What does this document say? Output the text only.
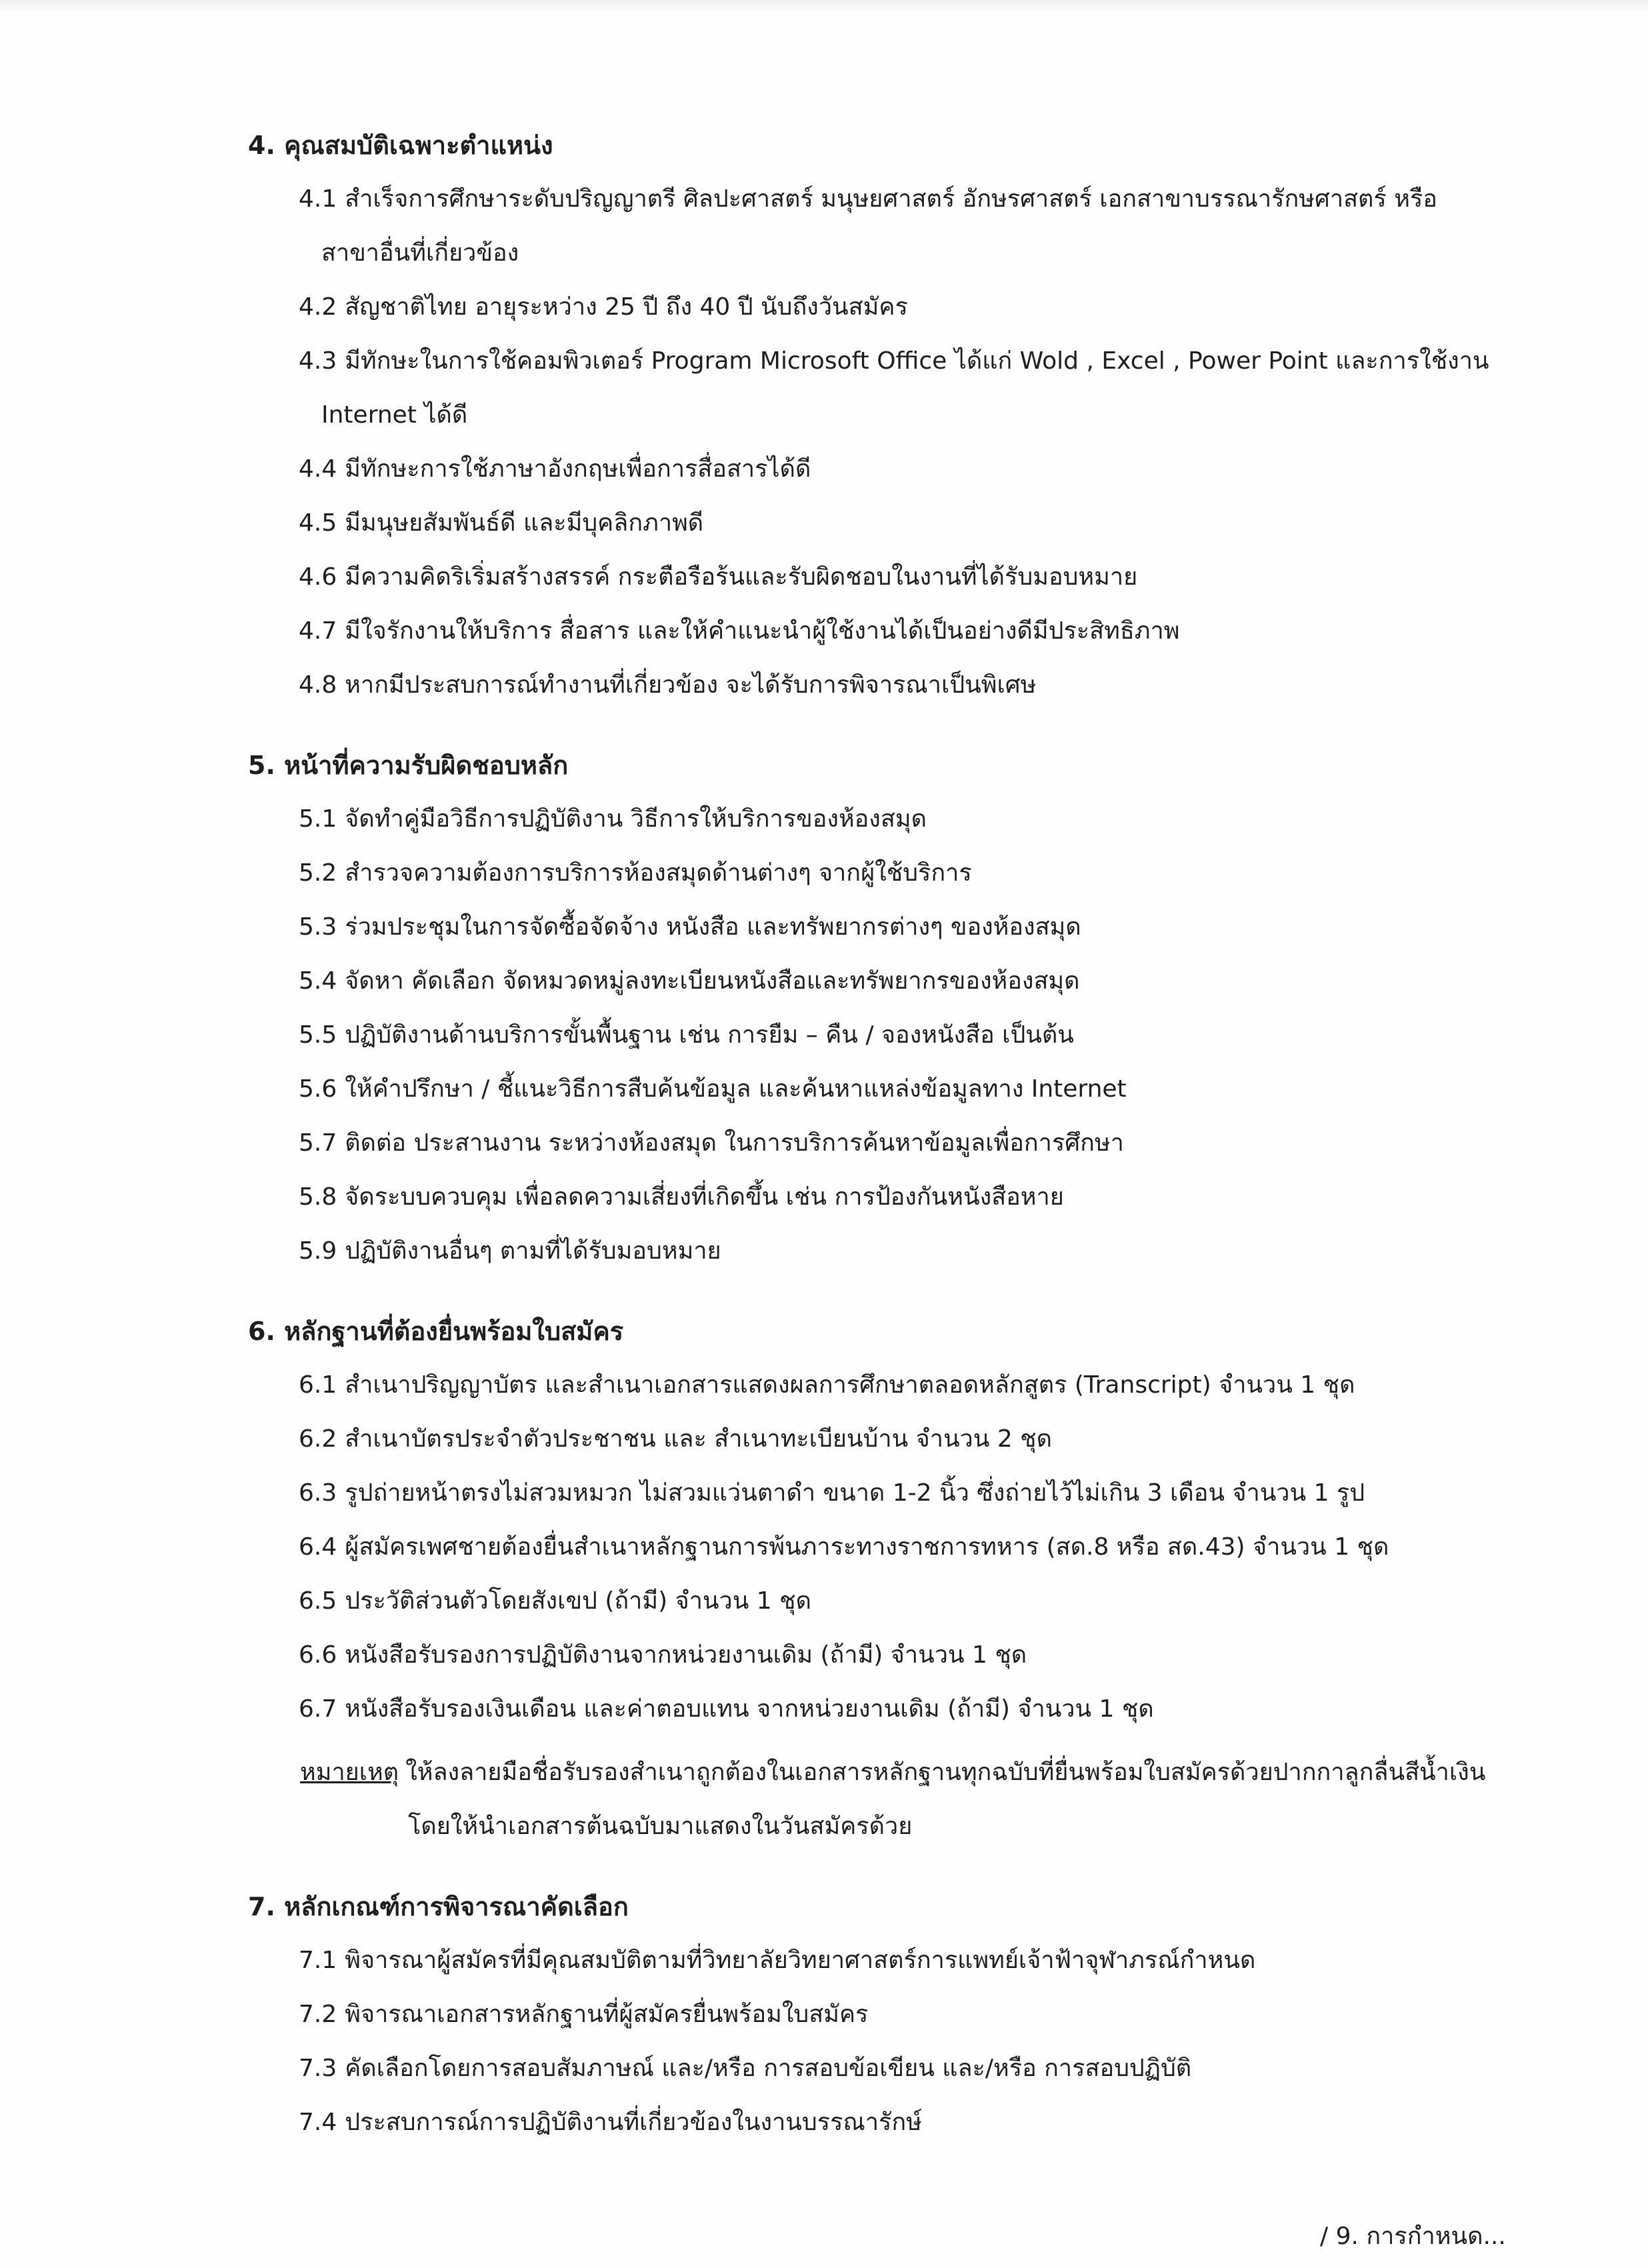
4. คุณสมบัติเฉพาะตำแหน่ง
4.1 สำเร็จการศึกษาระดับปริญญาตรี ศิลปะศาสตร์ มนุษยศาสตร์ อักษรศาสตร์ เอกสาขาบรรณารักษศาสตร์ หรือ
สาขาอื่นที่เกี่ยวข้อง
4.2 สัญชาติไทย อายุระหว่าง 25 ปี ถึง 40 ปี นับถึงวันสมัคร
4.3 มีทักษะในการใช้คอมพิวเตอร์ Program Microsoft Office ได้แก่ Wold , Excel , Power Point และการใช้งาน
Internet ได้ดี
4.4 มีทักษะการใช้ภาษาอังกฤษเพื่อการสื่อสารได้ดี
4.5 มีมนุษยสัมพันธ์ดี และมีบุคลิกภาพดี
4.6 มีความคิดริเริ่มสร้างสรรค์ กระตือรือร้นและรับผิดชอบในงานที่ได้รับมอบหมาย
4.7 มีใจรักงานให้บริการ สื่อสาร และให้คำแนะนำผู้ใช้งานได้เป็นอย่างดีมีประสิทธิภาพ
4.8 หากมีประสบการณ์ทำงานที่เกี่ยวข้อง จะได้รับการพิจารณาเป็นพิเศษ
5. หน้าที่ความรับผิดชอบหลัก
5.1 จัดทำคู่มือวิธีการปฏิบัติงาน วิธีการให้บริการของห้องสมุด
5.2 สำรวจความต้องการบริการห้องสมุดด้านต่างๆ จากผู้ใช้บริการ
5.3 ร่วมประชุมในการจัดซื้อจัดจ้าง หนังสือ และทรัพยากรต่างๆ ของห้องสมุด
5.4 จัดหา คัดเลือก จัดหมวดหมู่ลงทะเบียนหนังสือและทรัพยากรของห้องสมุด
5.5 ปฏิบัติงานด้านบริการขั้นพื้นฐาน เช่น การยืม – คืน / จองหนังสือ เป็นต้น
5.6 ให้คำปรึกษา / ชี้แนะวิธีการสืบค้นข้อมูล และค้นหาแหล่งข้อมูลทาง Internet
5.7 ติดต่อ ประสานงาน ระหว่างห้องสมุด ในการบริการค้นหาข้อมูลเพื่อการศึกษา
5.8 จัดระบบควบคุม เพื่อลดความเสี่ยงที่เกิดขึ้น เช่น การป้องกันหนังสือหาย
5.9 ปฏิบัติงานอื่นๆ ตามที่ได้รับมอบหมาย
6. หลักฐานที่ต้องยื่นพร้อมใบสมัคร
6.1 สำเนาปริญญาบัตร และสำเนาเอกสารแสดงผลการศึกษาตลอดหลักสูตร (Transcript) จำนวน 1 ชุด
6.2 สำเนาบัตรประจำตัวประชาชน และ สำเนาทะเบียนบ้าน จำนวน 2 ชุด
6.3 รูปถ่ายหน้าตรงไม่สวมหมวก ไม่สวมแว่นตาดำ ขนาด 1-2 นิ้ว ซึ่งถ่ายไว้ไม่เกิน 3 เดือน จำนวน 1 รูป
6.4 ผู้สมัครเพศชายต้องยื่นสำเนาหลักฐานการพ้นภาระทางราชการทหาร (สด.8 หรือ สด.43) จำนวน 1 ชุด
6.5 ประวัติส่วนตัวโดยสังเขป (ถ้ามี) จำนวน 1 ชุด
6.6 หนังสือรับรองการปฏิบัติงานจากหน่วยงานเดิม (ถ้ามี) จำนวน 1 ชุด
6.7 หนังสือรับรองเงินเดือน และค่าตอบแทน จากหน่วยงานเดิม (ถ้ามี) จำนวน 1 ชุด
หมายเหตุ ให้ลงลายมือชื่อรับรองสำเนาถูกต้องในเอกสารหลักฐานทุกฉบับที่ยื่นพร้อมใบสมัครด้วยปากกาลูกลื่นสีน้ำเงิน
โดยให้นำเอกสารต้นฉบับมาแสดงในวันสมัครด้วย
7. หลักเกณฑ์การพิจารณาคัดเลือก
7.1 พิจารณาผู้สมัครที่มีคุณสมบัติตามที่วิทยาลัยวิทยาศาสตร์การแพทย์เจ้าฟ้าจุฬาภรณ์กำหนด
7.2 พิจารณาเอกสารหลักฐานที่ผู้สมัครยื่นพร้อมใบสมัคร
7.3 คัดเลือกโดยการสอบสัมภาษณ์ และ/หรือ การสอบข้อเขียน และ/หรือ การสอบปฏิบัติ
7.4 ประสบการณ์การปฏิบัติงานที่เกี่ยวข้องในงานบรรณารักษ์
/ 9. การกำหนด...
